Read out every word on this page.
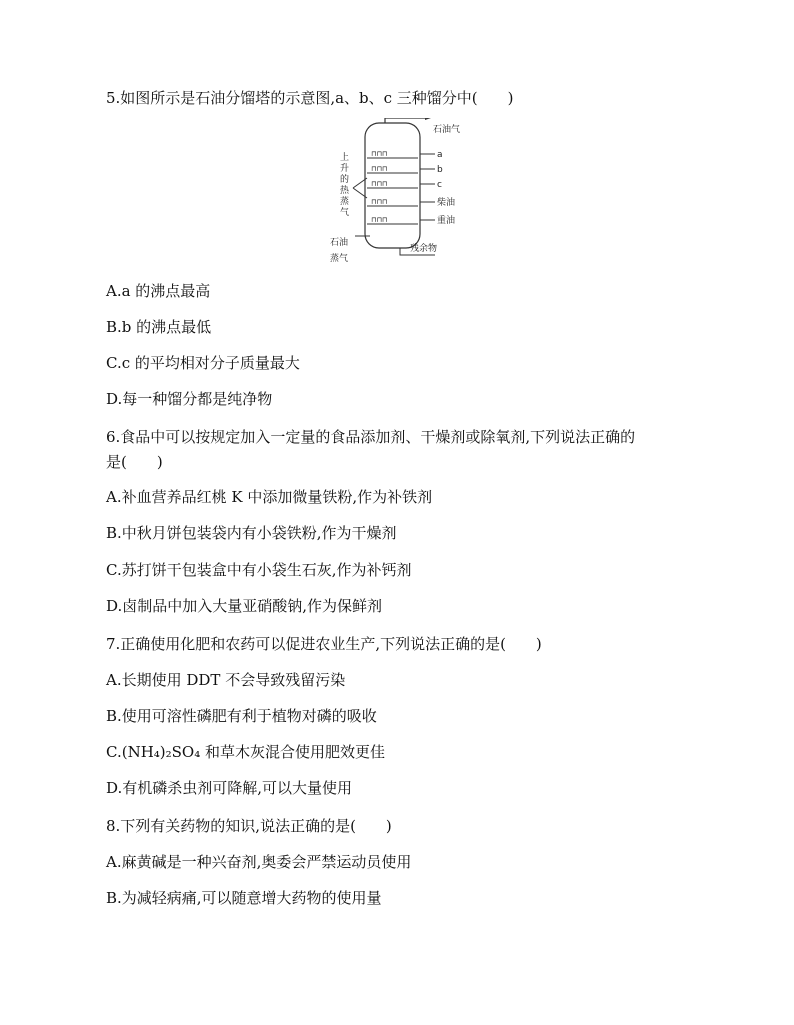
5.如图所示是石油分馏塔的示意图,a、b、c 三种馏分中(　　)
石油气
⊓⊓⊓
⊓⊓⊓
⊓⊓⊓
⊓⊓⊓
⊓⊓⊓
a
b
c
柴油
重油
上
升
的
热
蒸
气
石油
蒸气
残余物
A.a 的沸点最高
B.b 的沸点最低
C.c 的平均相对分子质量最大
D.每一种馏分都是纯净物
6.食品中可以按规定加入一定量的食品添加剂、干燥剂或除氧剂,下列说法正确的
是(　　)
A.补血营养品红桃 K 中添加微量铁粉,作为补铁剂
B.中秋月饼包装袋内有小袋铁粉,作为干燥剂
C.苏打饼干包装盒中有小袋生石灰,作为补钙剂
D.卤制品中加入大量亚硝酸钠,作为保鲜剂
7.正确使用化肥和农药可以促进农业生产,下列说法正确的是(　　)
A.长期使用 DDT 不会导致残留污染
B.使用可溶性磷肥有利于植物对磷的吸收
C.(NH₄)₂SO₄ 和草木灰混合使用肥效更佳
D.有机磷杀虫剂可降解,可以大量使用
8.下列有关药物的知识,说法正确的是(　　)
A.麻黄碱是一种兴奋剂,奥委会严禁运动员使用
B.为减轻病痛,可以随意增大药物的使用量
